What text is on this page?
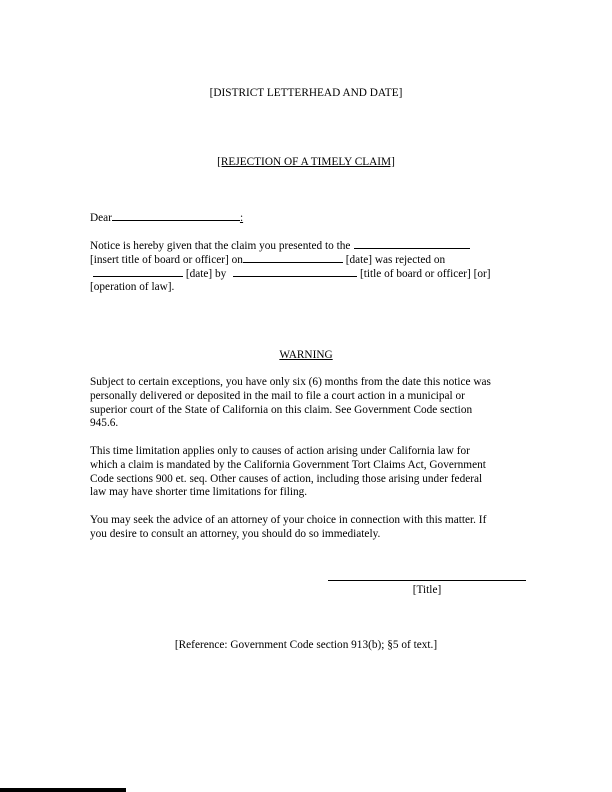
[DISTRICT LETTERHEAD AND DATE]
[REJECTION OF A TIMELY CLAIM]
Dear	:
Notice is hereby given that the claim you presented to the
[insert title of board or officer] on	[date] was rejected on
[date] by	[title of board or officer] [or]
[operation of law].
WARNING
Subject to certain exceptions, you have only six (6) months from the date this notice was
personally delivered or deposited in the mail to file a court action in a municipal or
superior court of the State of California on this claim. See Government Code section
945.6.
This time limitation applies only to causes of action arising under California law for
which a claim is mandated by the California Government Tort Claims Act, Government
Code sections 900 et. seq. Other causes of action, including those arising under federal
law may have shorter time limitations for filing.
You may seek the advice of an attorney of your choice in connection with this matter. If
you desire to consult an attorney, you should do so immediately.
[Title]
[Reference: Government Code section 913(b); §5 of text.]
